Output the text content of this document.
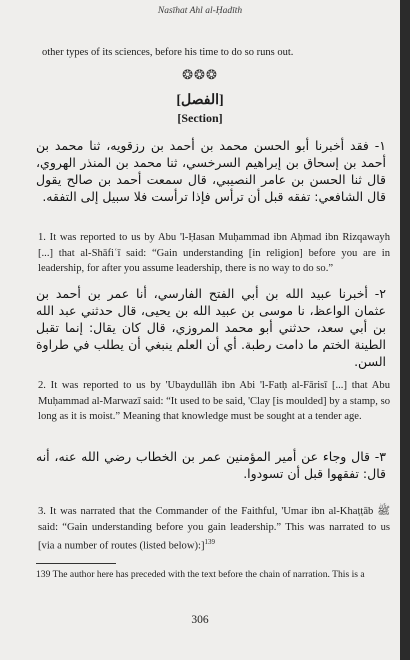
Nasīhat Ahl al-Ḥadīth
other types of its sciences, before his time to do so runs out.
❂❂❂
[الفصل]
[Section]
١- فقد أخبرنا أبو الحسن محمد بن أحمد بن رزقويه، ثنا محمد بن أحمد بن إسحاق بن إبراهيم السرخسي، ثنا محمد بن المنذر الهروي، قال ثنا الحسن بن عامر النصيبي، قال سمعت أحمد بن صالح يقول قال الشافعي: تفقه قبل أن ترأس فإذا ترأست فلا سبيل إلى التفقه.

1. It was reported to us by Abu 'l-Ḥasan Muḥammad ibn Aḥmad ibn Rizqawayh [...] that al-Shāfiʿī said: “Gain understanding [in religion] before you are in leadership, for after you assume leadership, there is no way to do so.”

٢- أخبرنا عبيد الله بن أبي الفتح الفارسي، أنا عمر بن أحمد بن عثمان الواعظ، نا موسى بن عبيد الله بن يحيى، قال حدثني عبد الله بن أبي سعد، حدثني أبو محمد المروزي، قال كان يقال: إنما تقبل الطينة الختم ما دامت رطبة. أي أن العلم ينبغي أن يطلب في طراوة السن.

2. It was reported to us by 'Ubaydullāh ibn Abi 'l-Fatḥ al-Fārisī [...] that Abu Muḥammad al-Marwazī said: “It used to be said, 'Clay [is moulded] by a stamp, so long as it is moist.” Meaning that knowledge must be sought at a tender age.

٣- قال وجاء عن أمير المؤمنين عمر بن الخطاب رضي الله عنه، أنه قال: تفقهوا قبل أن تسودوا.

3. It was narrated that the Commander of the Faithful, 'Umar ibn al-Khaṭṭāb ﷺ said: “Gain understanding before you gain leadership.” This was narrated to us [via a number of routes (listed below):]$^{139}$

139 The author here has preceded with the text before the chain of narration. This is a
306
